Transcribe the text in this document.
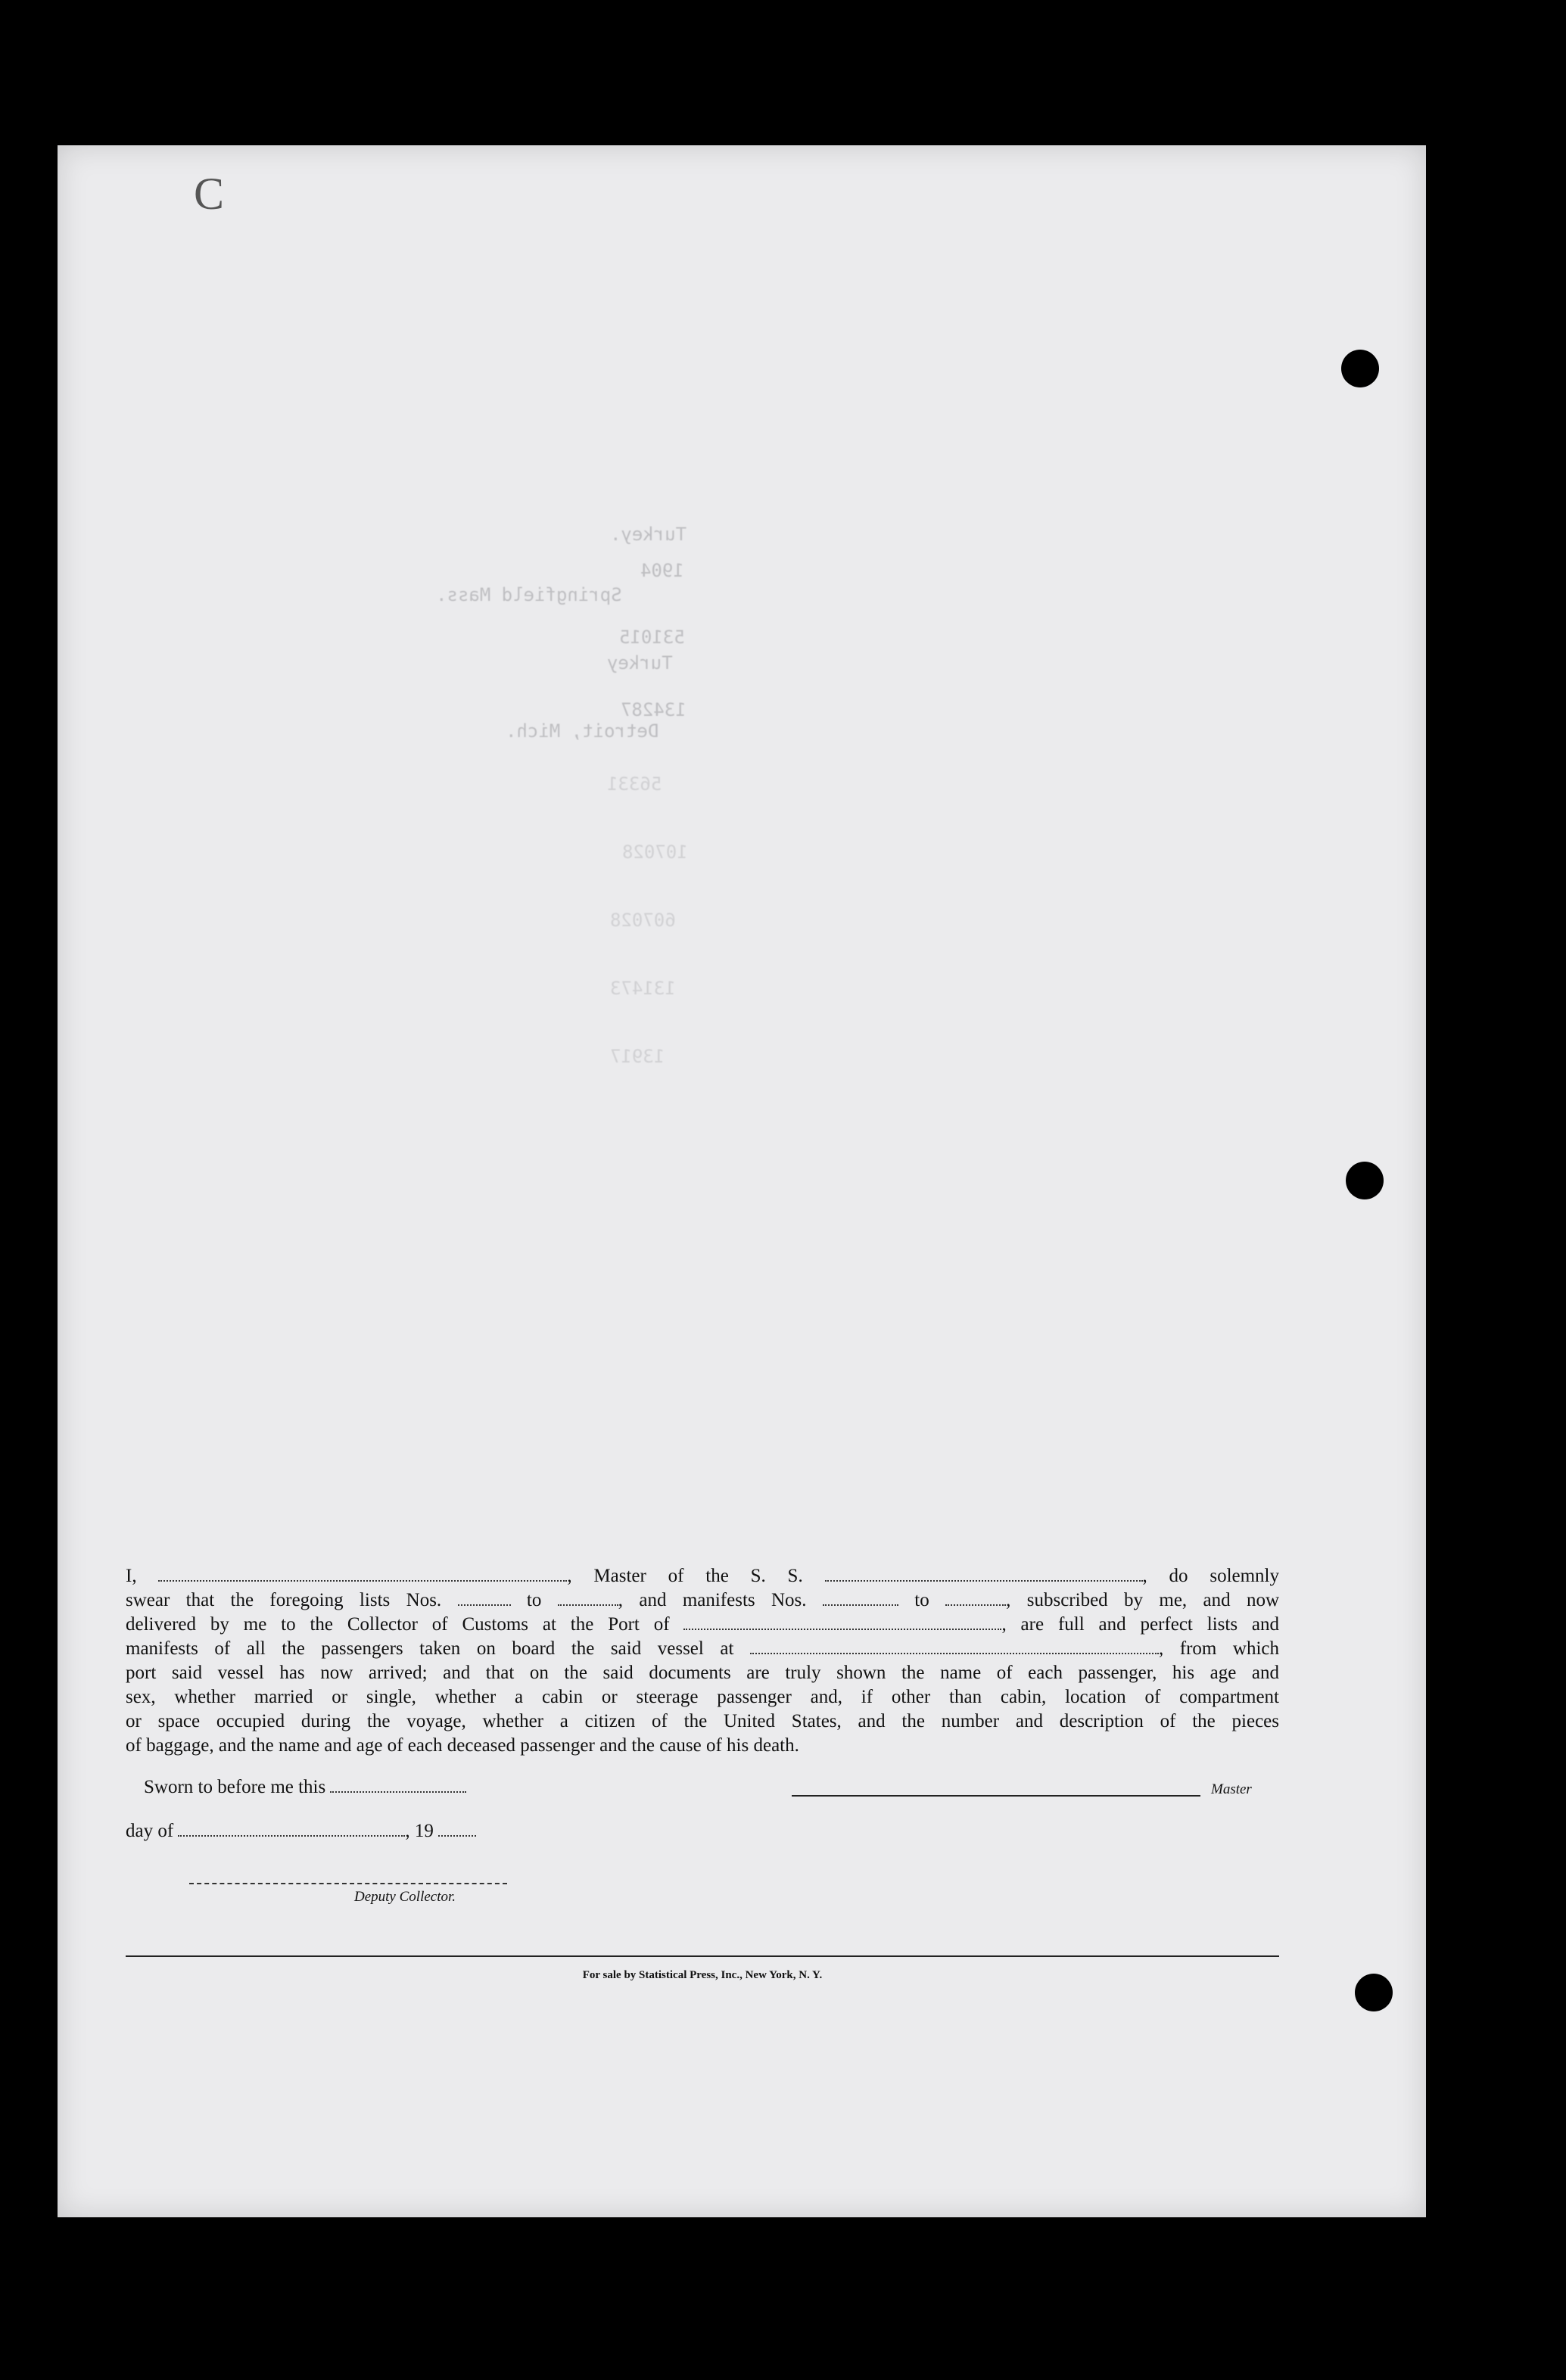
C
Turkey.
Springfield Mass.
Turkey
Detroit, Mich.
1904
531015
134287
56331
107028
607028
131473
13917

I,	, Master of the S. S.	, do solemnly

swear that the foregoing lists Nos.	to	, and manifests Nos.	to	, subscribed by me, and now

delivered by me to the Collector of Customs at the Port of	, are full and perfect lists and

manifests of all the passengers taken on board the said vessel at	, from which

port said vessel has now arrived; and that on the said documents are truly shown the name of each passenger, his age and

sex, whether married or single, whether a cabin or steerage passenger and, if other than cabin, location of compartment

or space occupied during the voyage, whether a citizen of the United States, and the number and description of the pieces

of baggage, and the name and age of each deceased passenger and the cause of his death.

Sworn to before me this	Master
day of	, 19
Deputy Collector.
For sale by Statistical Press, Inc., New York, N. Y.
